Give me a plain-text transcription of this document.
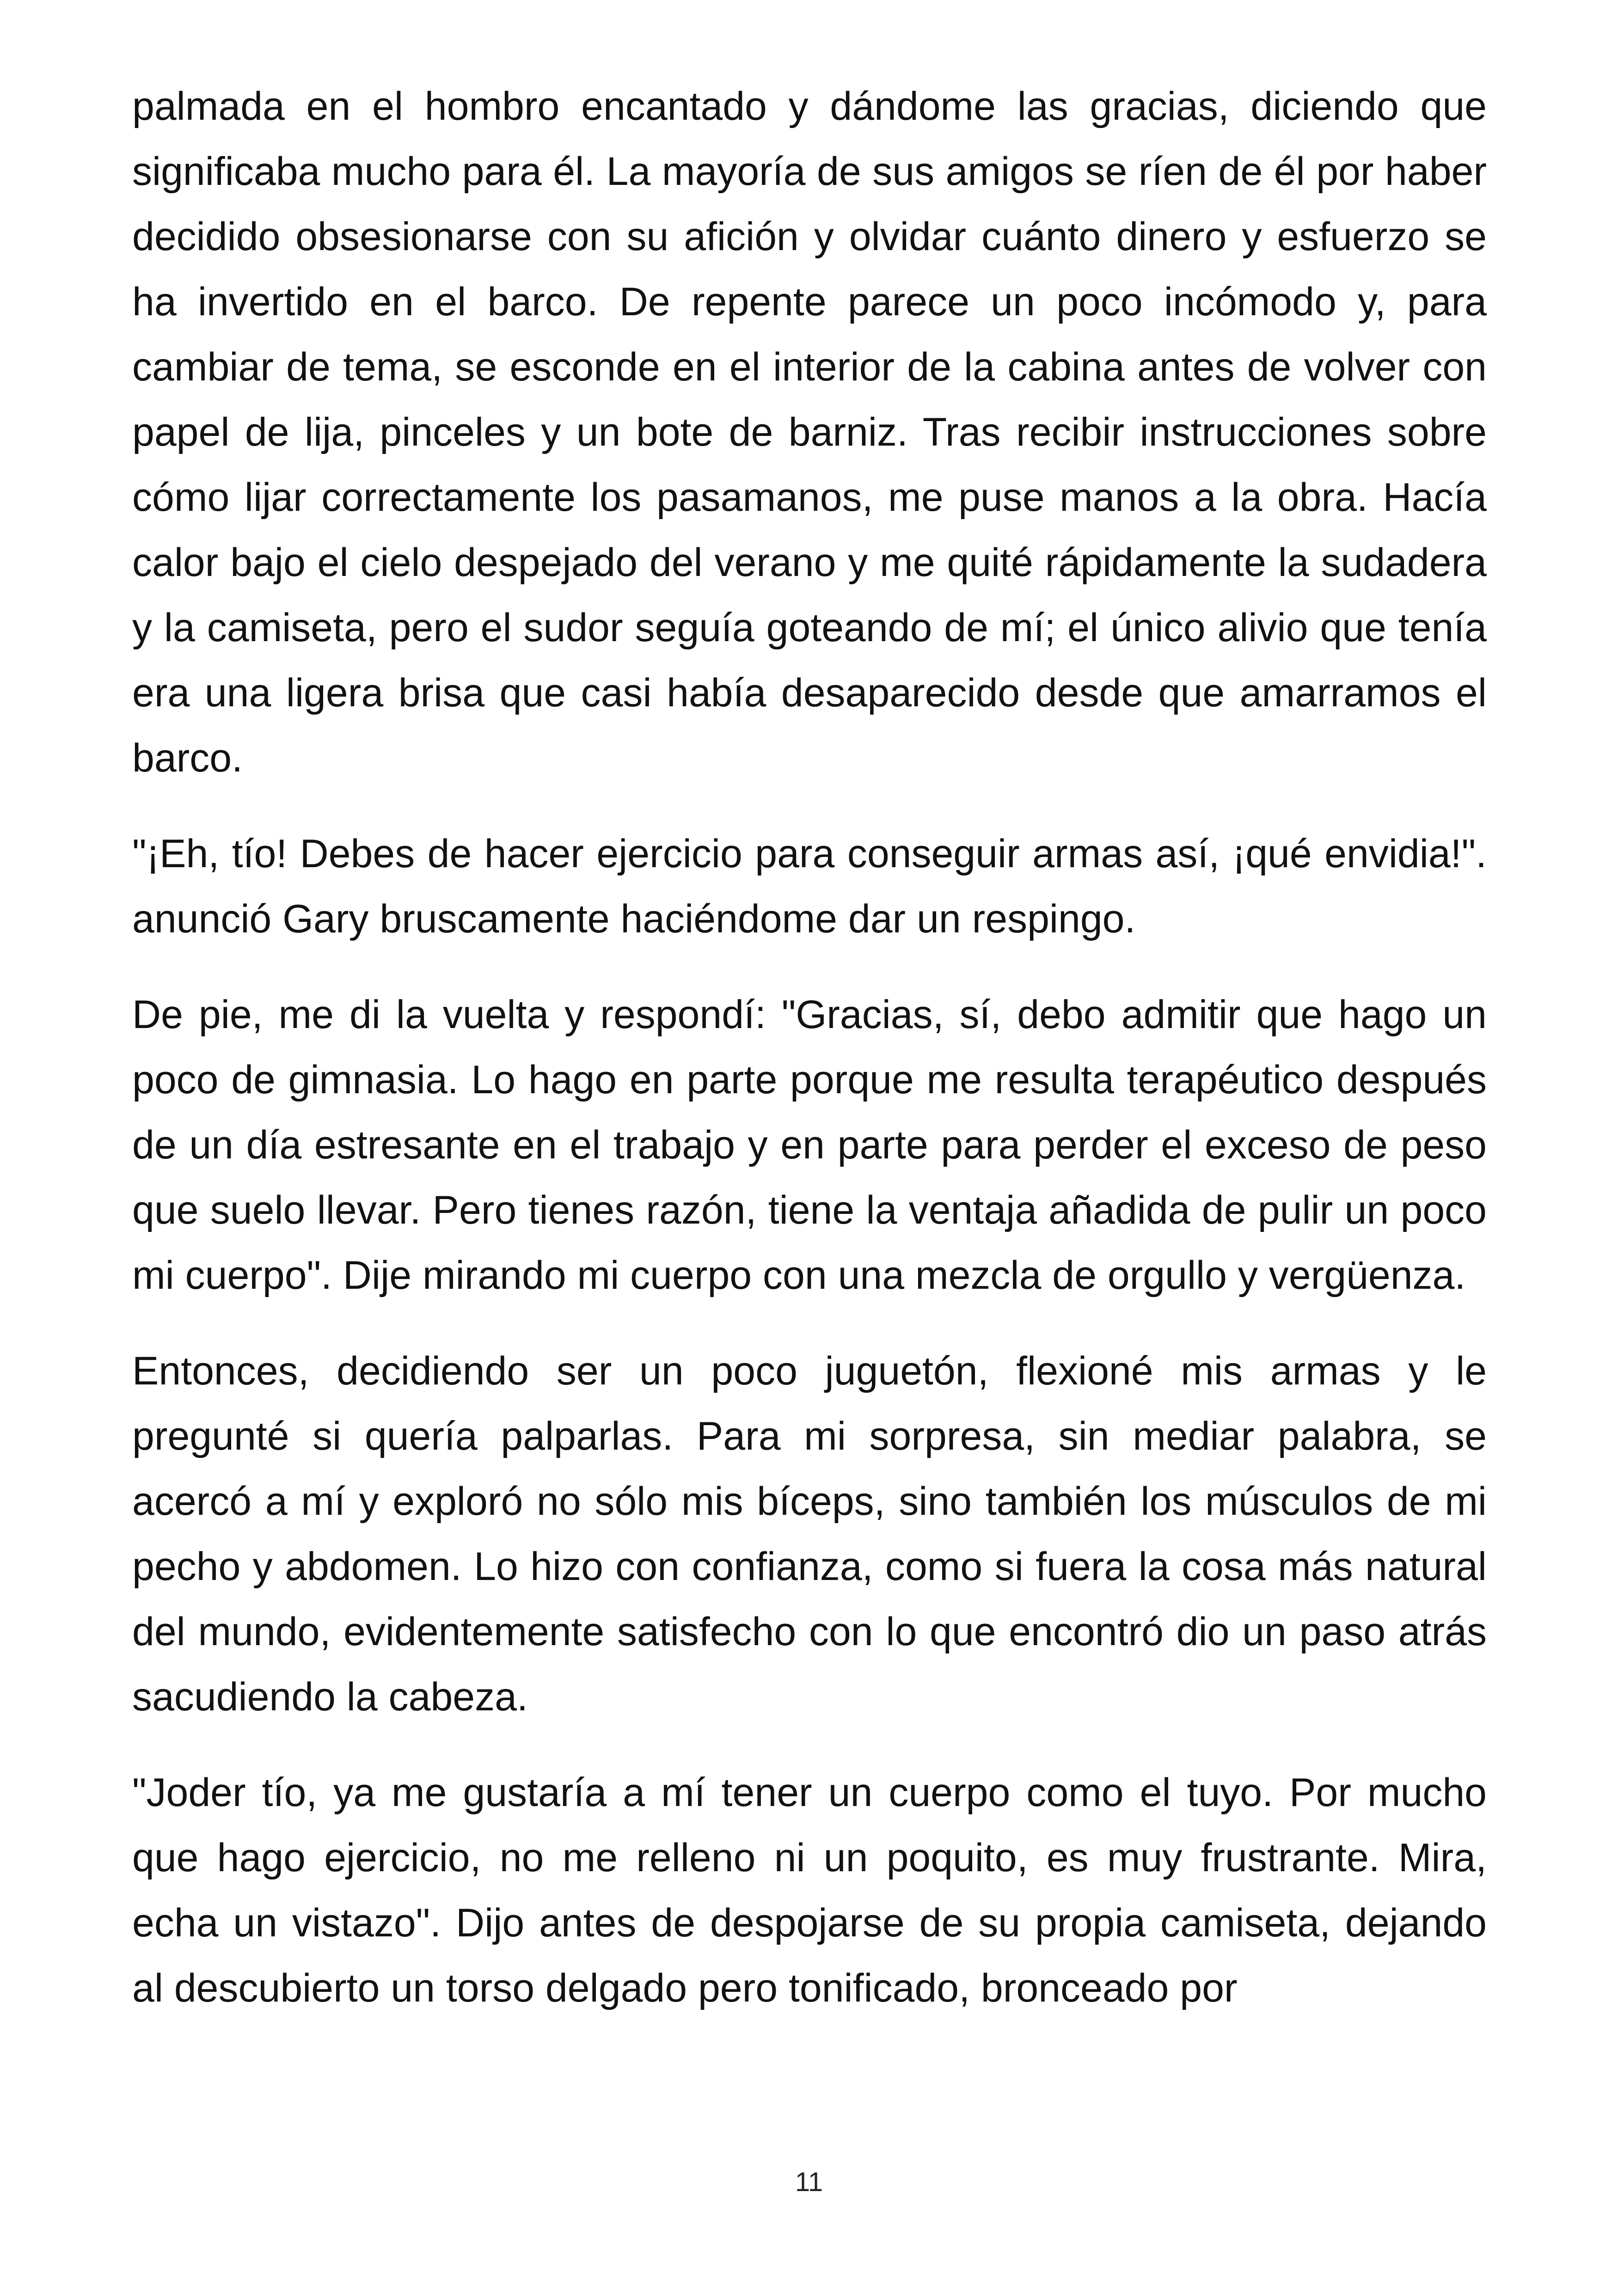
palmada en el hombro encantado y dándome las gracias, diciendo que significaba mucho para él. La mayoría de sus amigos se ríen de él por haber decidido obsesionarse con su afición y olvidar cuánto dinero y esfuerzo se ha invertido en el barco. De repente parece un poco incómodo y, para cambiar de tema, se esconde en el interior de la cabina antes de volver con papel de lija, pinceles y un bote de barniz. Tras recibir instrucciones sobre cómo lijar correctamente los pasamanos, me puse manos a la obra. Hacía calor bajo el cielo despejado del verano y me quité rápidamente la sudadera y la camiseta, pero el sudor seguía goteando de mí; el único alivio que tenía era una ligera brisa que casi había desaparecido desde que amarramos el barco.

"¡Eh, tío! Debes de hacer ejercicio para conseguir armas así, ¡qué envidia!". anunció Gary bruscamente haciéndome dar un respingo.

De pie, me di la vuelta y respondí: "Gracias, sí, debo admitir que hago un poco de gimnasia. Lo hago en parte porque me resulta terapéutico después de un día estresante en el trabajo y en parte para perder el exceso de peso que suelo llevar. Pero tienes razón, tiene la ventaja añadida de pulir un poco mi cuerpo". Dije mirando mi cuerpo con una mezcla de orgullo y vergüenza.

Entonces, decidiendo ser un poco juguetón, flexioné mis armas y le pregunté si quería palparlas. Para mi sorpresa, sin mediar palabra, se acercó a mí y exploró no sólo mis bíceps, sino también los músculos de mi pecho y abdomen. Lo hizo con confianza, como si fuera la cosa más natural del mundo, evidentemente satisfecho con lo que encontró dio un paso atrás sacudiendo la cabeza.

"Joder tío, ya me gustaría a mí tener un cuerpo como el tuyo. Por mucho que hago ejercicio, no me relleno ni un poquito, es muy frustrante. Mira, echa un vistazo". Dijo antes de despojarse de su propia camiseta, dejando al descubierto un torso delgado pero tonificado, bronceado por

11
